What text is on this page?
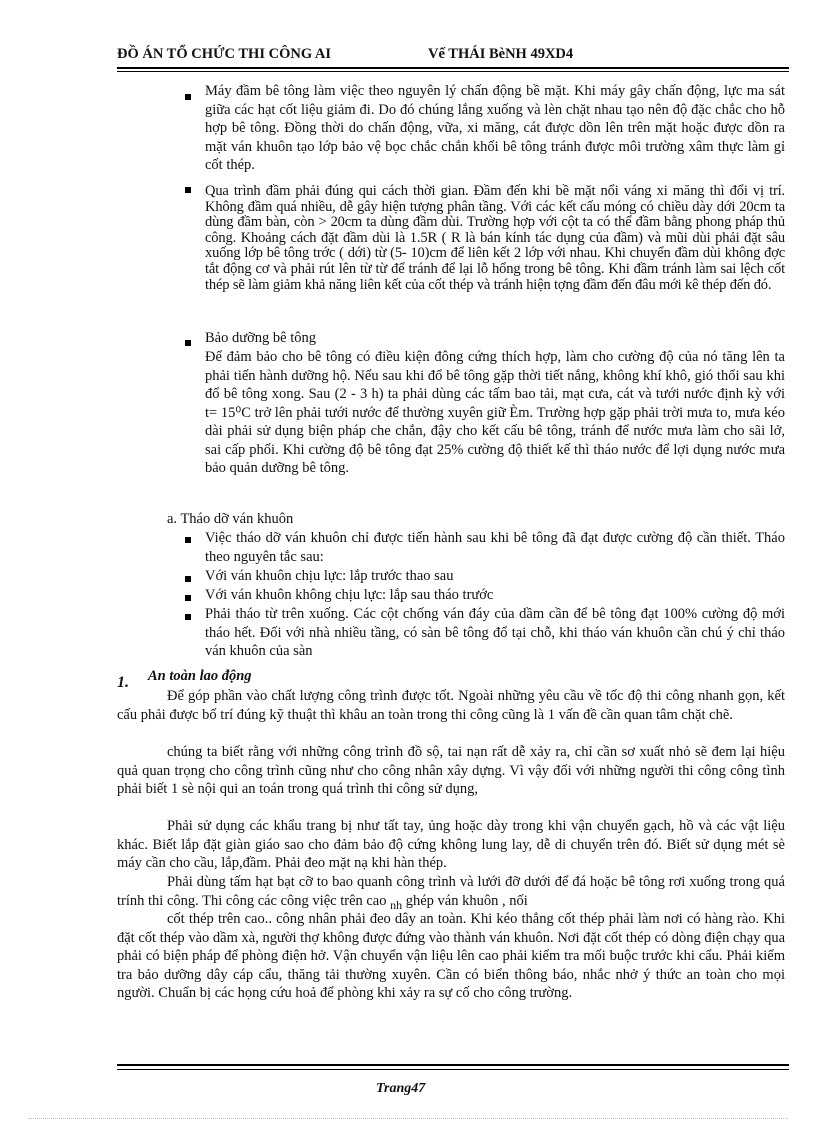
ĐỒ ÁN TỔ CHỨC THI CÔNG AI	Vế THÁI BèNH 49XD4
Máy đầm bê tông làm việc theo nguyên lý chấn động bề mặt. Khi máy gây chấn động, lực ma sát giữa các hạt cốt liệu giảm đi. Do đó chúng lắng xuống và lèn chặt nhau tạo nên độ đặc chắc cho hỗ hợp bê tông. Đồng thời do chấn động, vữa, xi măng, cát được dồn lên trên mặt hoặc được dồn ra mặt ván khuôn tạo lớp bảo vệ bọc chắc chắn khối bê tông tránh được môi trường xâm thực làm gỉ cốt thép.
Qua trình đầm phải đúng qui cách thời gian. Đầm đến khi bề mặt nổi váng xi măng thì đổi vị trí. Không đầm quá nhiều, dễ gây hiện tượng phân tầng. Với các kết cấu móng có chiều dày dới 20cm ta dùng đầm bàn, còn > 20cm ta dùng đầm dùi. Trường hợp với cột ta có thể đầm bằng phong pháp thủ công. Khoảng cách đặt đầm dùi là 1.5R ( R là bán kính tác dụng của đầm) và mũi dùi phải đặt sâu xuống lớp bê tông trớc ( dới) từ (5- 10)cm để liên kết 2 lớp với nhau. Khi chuyển đầm dùi không đợc tắt động cơ và phải rút lên từ từ để tránh để lại lỗ hổng trong bê tông. Khi đầm tránh làm sai lệch cốt thép sẽ làm giảm khả năng liên kết của cốt thép và tránh hiện tợng đầm đến đâu mới kê thép đến đó.
Bảo dưỡng bê tông
Để đảm bảo cho bê tông có điều kiện đông cứng thích hợp, làm cho cường độ của nó tăng lên ta phải tiến hành dưỡng hộ. Nếu sau khi đổ bê tông gặp thời tiết nắng, không khí khô, gió thổi sau khi đổ bê tông xong. Sau (2 - 3 h) ta phải dùng các tấm bao tải, mạt cưa, cát và tưới nước định kỳ với t= 15⁰C trở lên phải tưới nước để thường xuyên giữ Èm. Trường hợp gặp phải trời mưa to, mưa kéo dài phải sử dụng biện pháp che chắn, đậy cho kết cấu bê tông, tránh để nước mưa làm cho sãi lở, sai cấp phối. Khi cường độ bê tông đạt 25% cường độ thiết kế thì tháo nước để lợi dụng nước mưa bảo quản dưỡng bê tông.
a. Tháo dỡ ván khuôn
Việc tháo dỡ ván khuôn chỉ được tiến hành sau khi bê tông đã đạt được cường độ cần thiết. Tháo theo nguyên tắc sau:
Với ván khuôn chịu lực: lắp trước thao sau
Với ván khuôn không chịu lực: lắp sau tháo trước
Phải tháo từ trên xuống. Các cột chống ván đáy của dầm cần để bê tông đạt 100% cường độ mới tháo hết. Đối với nhà nhiều tầng, có sàn bê tông đổ tại chỗ, khi tháo ván khuôn cần chú ý chỉ tháo ván khuôn của sàn
1. An toàn lao động
Để góp phần vào chất lượng công trình được tốt. Ngoài những yêu cầu về tốc độ thi công nhanh gọn, kết cấu phải được bố trí đúng kỹ thuật thì khâu an toàn trong thi công cũng là 1 vấn đề cần quan tâm chặt chẽ.
chúng ta biết rằng với những công trình đồ sộ, tai nạn rất dễ xảy ra, chỉ cần sơ xuất nhỏ sẽ đem lại hiệu quả quan trọng cho công trình cũng như cho công nhân xây dựng. Vì vậy đối với những người thi công công tình phải biết 1 sè nội qui an toán trong quá trình thi công sử dụng,
Phải sử dụng các khẩu trang bị như tất tay, ủng hoặc dày trong khi vận chuyển gạch, hồ và các vật liệu khác. Biết lắp đặt giàn giáo sao cho đảm bảo độ cứng không lung lay, dễ di chuyển trên đó. Biết sử dụng mét sè máy cần cho cầu, lắp,đầm. Phải đeo mặt nạ khi hàn thép.
Phải dùng tấm hạt bạt cỡ to bao quanh công trình và lưới đỡ dưới để đá hoặc bê tông rơi xuống trong quá trính thi công. Thi công các công việc trên cao $_{nh}$ ghép ván khuôn , nối
cốt thép trên cao.. công nhân phải đeo dây an toàn. Khi kéo thẳng cốt thép phải làm nơi có hàng rào. Khi đặt cốt thép vào dầm xà, người thợ không được đứng vào thành ván khuôn. Nơi đặt cốt thép có dòng điện chạy qua phải có biện pháp để phòng điện hở. Vận chuyển vận liệu lên cao phải kiểm tra mối buộc trước khi cẩu. Phải kiểm tra bảo dưỡng dây cáp cẩu, thăng tải thường xuyên. Cần có biển thông báo, nhắc nhở ý thức an toàn cho mọi người. Chuẩn bị các họng cứu hoả để phòng khi xảy ra sự cố cho công trường.
Trang47
